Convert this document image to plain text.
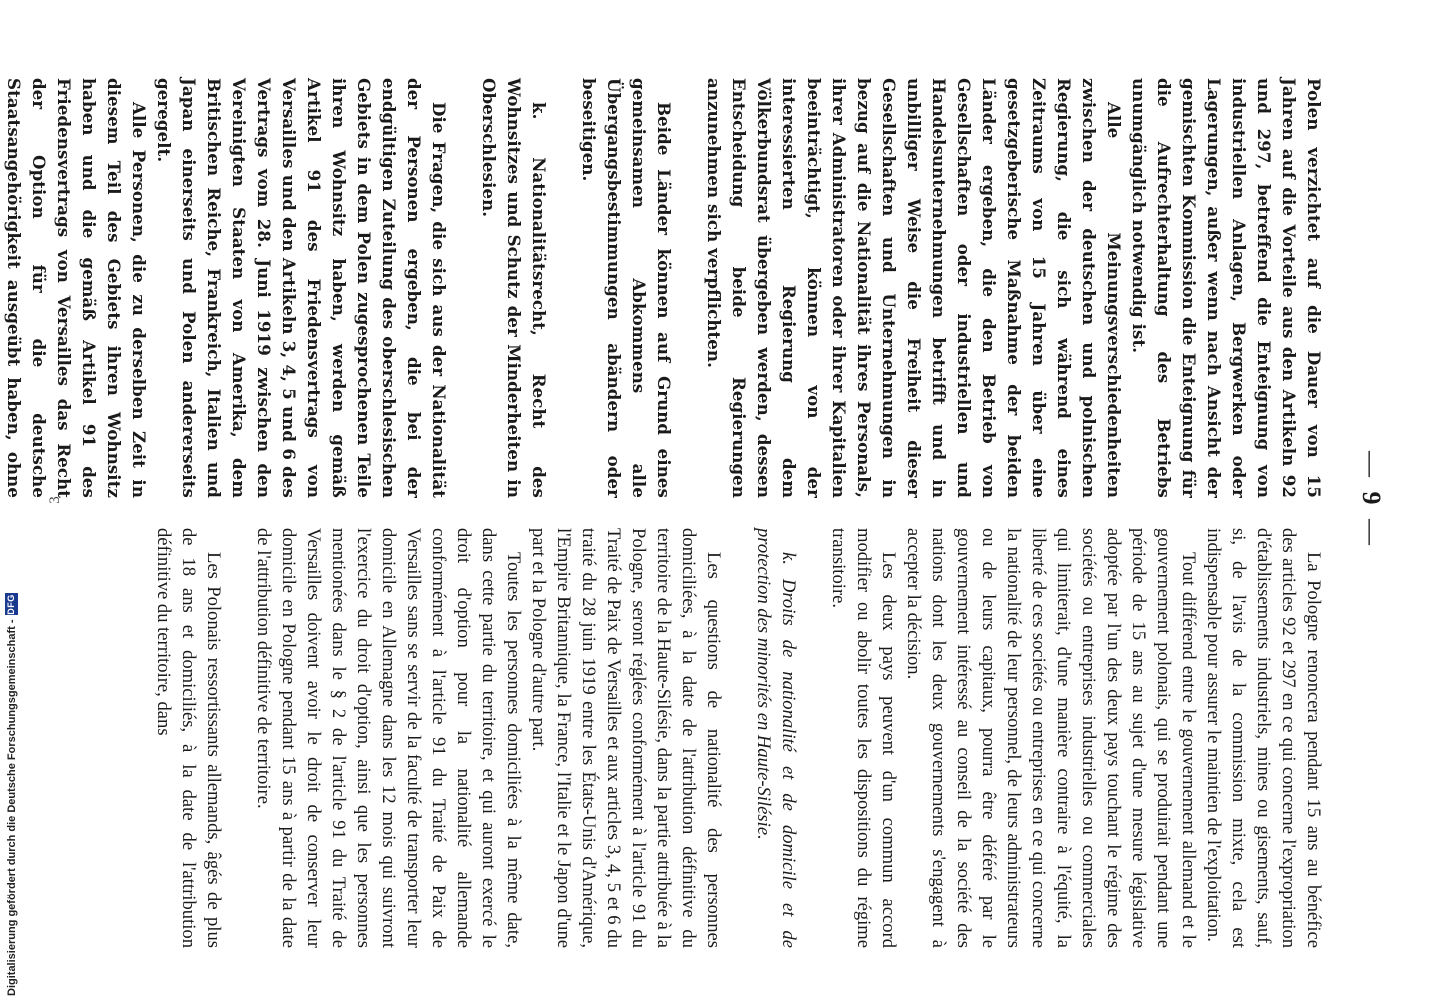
— 9 —

Polen verzichtet auf die Dauer von 15 Jahren auf die Vorteile aus den Artikeln 92 und 297, betreffend die Enteignung von industriellen Anlagen, Bergwerken oder Lagerungen, außer wenn nach Ansicht der gemischten Kommission die Enteignung für die Aufrechterhaltung des Betriebs unumgänglich notwendig ist.

Alle Meinungsverschiedenheiten zwischen der deutschen und polnischen Regierung, die sich während eines Zeitraums von 15 Jahren über eine gesetzgeberische Maßnahme der beiden Länder ergeben, die den Betrieb von Gesellschaften oder industriellen und Handelsunternehmungen betrifft und in unbilliger Weise die Freiheit dieser Gesellschaften und Unternehmungen in bezug auf die Nationalität ihres Personals, ihrer Administratoren oder ihrer Kapitalien beeinträchtigt, können von der interessierten Regierung dem Völkerbundsrat übergeben werden, dessen Entscheidung beide Regierungen anzunehmen sich verpflichten.

Beide Länder können auf Grund eines gemeinsamen Abkommens alle Übergangsbestimmungen abändern oder beseitigen.

k. Nationalitätsrecht, Recht des Wohnsitzes und Schutz der Minderheiten in Oberschlesien.

Die Fragen, die sich aus der Nationalität der Personen ergeben, die bei der endgültigen Zuteilung des oberschlesischen Gebiets in dem Polen zugesprochenen Teile ihren Wohnsitz haben, werden gemäß Artikel 91 des Friedensvertrags von Versailles und den Artikeln 3, 4, 5 und 6 des Vertrags vom 28. Juni 1919 zwischen den Vereinigten Staaten von Amerika, dem Britischen Reiche, Frankreich, Italien und Japan einerseits und Polen andererseits geregelt.

Alle Personen, die zu derselben Zeit in diesem Teil des Gebiets ihren Wohnsitz haben und die gemäß Artikel 91 des Friedensvertrags von Versailles das Recht der Option für die deutsche Staatsangehörigkeit ausgeübt haben, ohne

La Pologne renoncera pendant 15 ans au bénéfice des articles 92 et 297 en ce qui concerne l'expropriation d'établissements industriels, mines ou gisements, sauf, si, de l'avis de la commission mixte, cela est indispensable pour assurer le maintien de l'exploitation.

Tout différend entre le gouvernement allemand et le gouvernement polonais, qui se produirait pendant une période de 15 ans au sujet d'une mesure législative adoptée par l'un des deux pays touchant le régime des sociétés ou entreprises industrielles ou commerciales qui limiterait, d'une manière contraire à l'équité, la liberté de ces sociétés ou entreprises en ce qui concerne la nationalité de leur personnel, de leurs administrateurs ou de leurs capitaux, pourra être déféré par le gouvernement intéressé au conseil de la société des nations dont les deux gouvernements s'engagent à accepter la décision.

Les deux pays peuvent d'un commun accord modifier ou abolir toutes les dispositions du régime transitoire.

k. Droits de nationalité et de domicile et de protection des minorités en Haute-Silésie.

Les questions de nationalité des personnes domiciliées, à la date de l'attribution définitive du territoire de la Haute-Silésie, dans la partie attribuée à la Pologne, seront réglées conformément à l'article 91 du Traité de Paix de Versailles et aux articles 3, 4, 5 et 6 du traité du 28 juin 1919 entre les États-Unis d'Amérique, l'Empire Britannique, la France, l'Italie et le Japon d'une part et la Pologne d'autre part.

Toutes les personnes domiciliées à la même date, dans cette partie du territoire, et qui auront exercé le droit d'option pour la nationalité allemande conformément à l'article 91 du Traité de Paix de Versailles sans se servir de la faculté de transporter leur domicile en Allemagne dans les 12 mois qui suivront l'exercice du droit d'option, ainsi que les personnes mentionées dans le § 2 de l'article 91 du Traité de Versailles doivent avoir le droit de conserver leur domicile en Pologne pendant 15 ans à partir de la date de l'attribution définitive de territoire.

Les Polonais ressortissants allemands, âgés de plus de 18 ans et domiciliés, à la date de l'attribution définitive du territoire, dans

3
Digitalisierung gefördert durch die Deutsche Forschungsgemeinschaft -
DFG
